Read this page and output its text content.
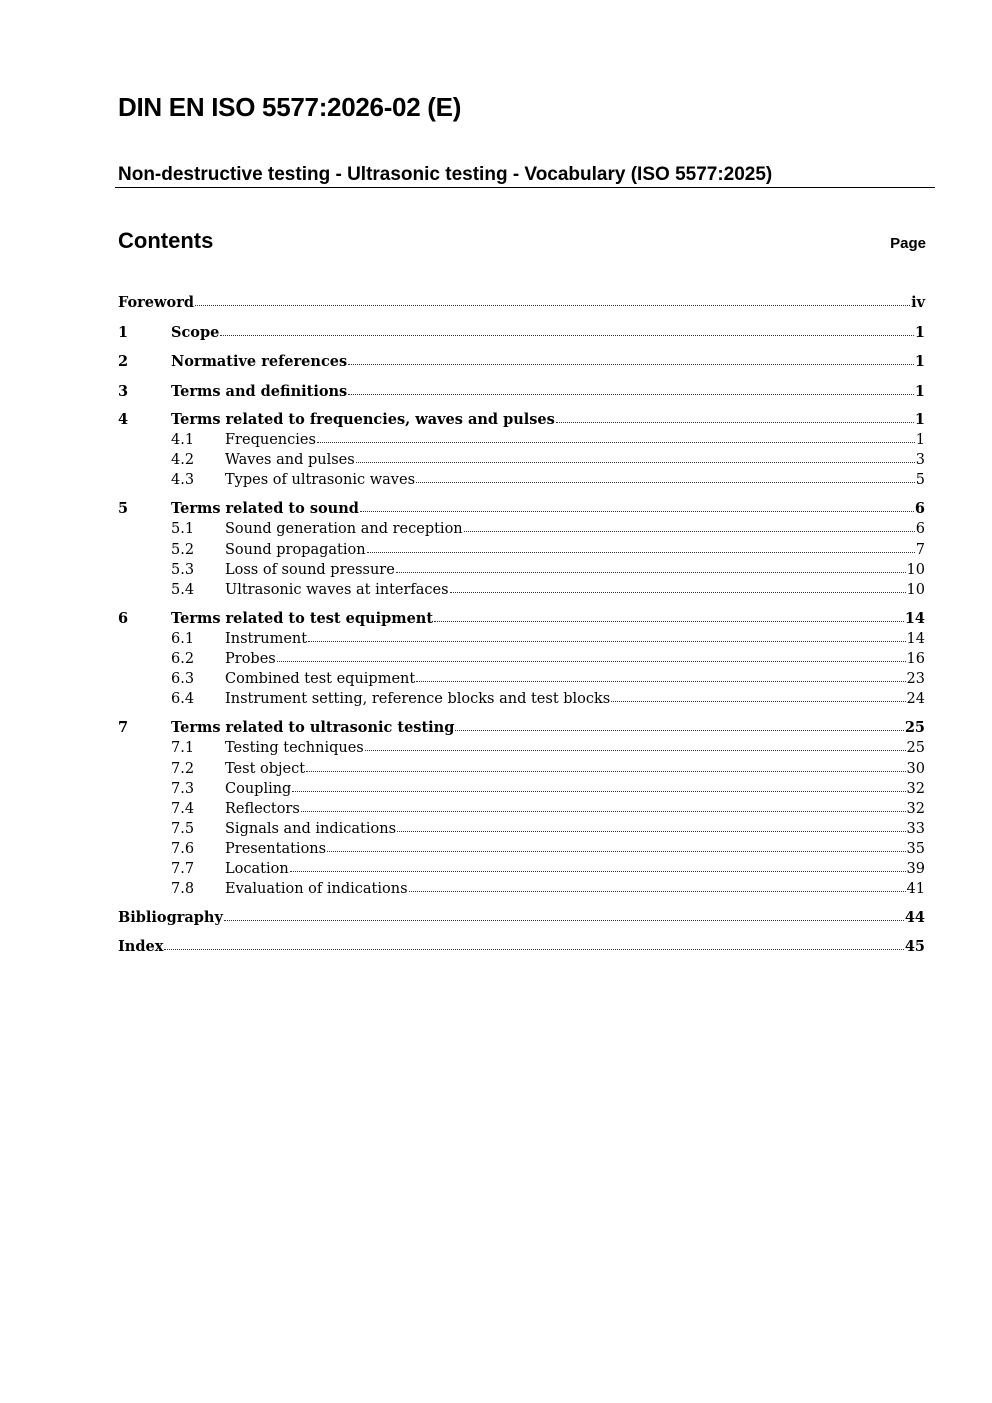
DIN EN ISO 5577:2026-02 (E)
Non-destructive testing - Ultrasonic testing - Vocabulary (ISO 5577:2025)
Contents	Page
Foreword	iv
1	Scope	1
2	Normative references	1
3	Terms and definitions	1
4	Terms related to frequencies, waves and pulses	1
4.1	Frequencies	1
4.2	Waves and pulses	3
4.3	Types of ultrasonic waves	5
5	Terms related to sound	6
5.1	Sound generation and reception	6
5.2	Sound propagation	7
5.3	Loss of sound pressure	10
5.4	Ultrasonic waves at interfaces	10
6	Terms related to test equipment	14
6.1	Instrument	14
6.2	Probes	16
6.3	Combined test equipment	23
6.4	Instrument setting, reference blocks and test blocks	24
7	Terms related to ultrasonic testing	25
7.1	Testing techniques	25
7.2	Test object	30
7.3	Coupling	32
7.4	Reflectors	32
7.5	Signals and indications	33
7.6	Presentations	35
7.7	Location	39
7.8	Evaluation of indications	41
Bibliography	44
Index	45
